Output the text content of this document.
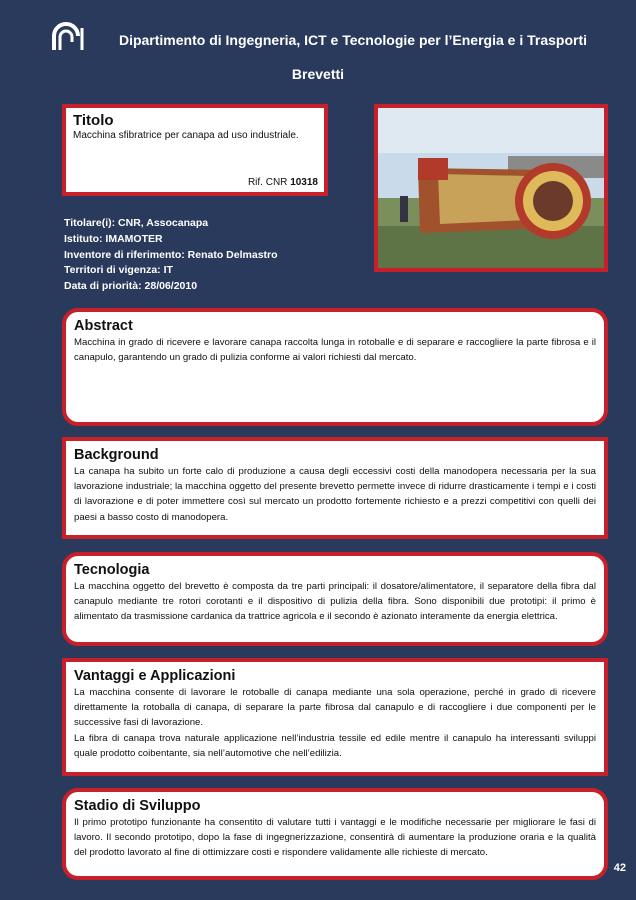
Dipartimento di Ingegneria, ICT e Tecnologie per l’Energia e i Trasporti
Brevetti
Titolo
Macchina sfibratrice per canapa ad uso industriale.
Rif. CNR 10318
Titolare(i): CNR, Assocanapa
Istituto: IMAMOTER
Inventore di riferimento: Renato Delmastro
Territori di vigenza: IT
Data di priorità: 28/06/2010
Abstract

Macchina in grado di ricevere e lavorare canapa raccolta lunga in rotoballe e di separare e raccogliere la parte fibrosa e il canapulo, garantendo un grado di pulizia conforme ai valori richiesti dal mercato.

Background

La canapa ha subito un forte calo di produzione a causa degli eccessivi costi della manodopera necessaria per la sua lavorazione industriale; la macchina oggetto del presente brevetto permette invece di ridurre drasticamente i tempi e i costi di lavorazione e di poter immettere così sul mercato un prodotto fortemente richiesto e a prezzi competitivi con quelli dei paesi a basso costo di manodopera.

Tecnologia

La macchina oggetto del brevetto è composta da tre parti principali: il dosatore/alimentatore, il separatore della fibra dal canapulo mediante tre rotori corotanti e il dispositivo di pulizia della fibra. Sono disponibili due prototipi: il primo è alimentato da trasmissione cardanica da trattrice agricola e il secondo è azionato interamente da energia elettrica.

Vantaggi e Applicazioni

La macchina consente di lavorare le rotoballe di canapa mediante una sola operazione, perché in grado di ricevere direttamente la rotoballa di canapa, di separare la parte fibrosa dal canapulo e di raccogliere i due componenti per le successive fasi di lavorazione.

La fibra di canapa trova naturale applicazione nell’industria tessile ed edile mentre il canapulo ha interessanti sviluppi quale prodotto coibentante, sia nell’automotive che nell’edilizia.

Stadio di Sviluppo

Il primo prototipo funzionante ha consentito di valutare tutti i vantaggi e le modifiche necessarie per migliorare le fasi di lavoro. Il secondo prototipo, dopo la fase di ingegnerizzazione, consentirà di aumentare la produzione oraria e la qualità del prodotto lavorato al fine di ottimizzare costi e rispondere validamente alle richieste di mercato.

42
